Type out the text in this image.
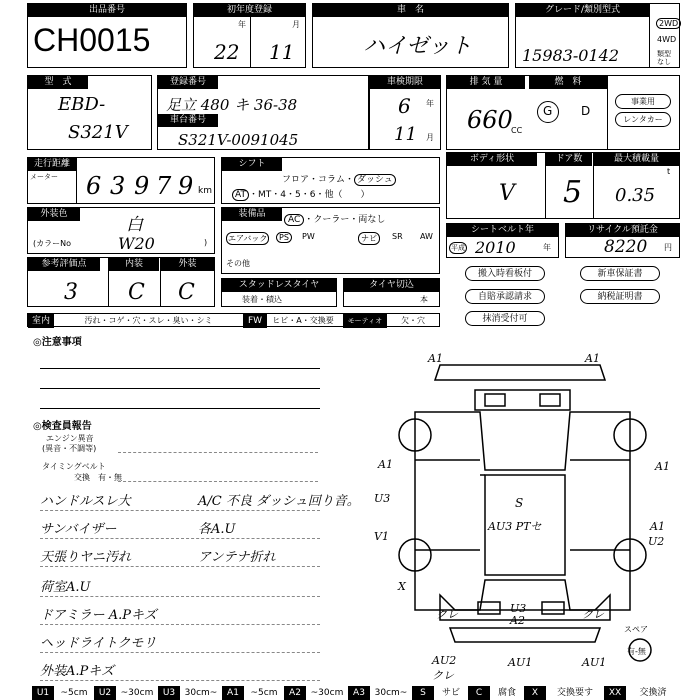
出品番号
CH0015
初年度登録
年	月
22 11
車　名
ハイゼット
グレード/類別型式
15983-0142
2WD
4WD
類型
なし
型　式
EBD-
S321V
登録番号
足立 480 キ 36-38
車台番号
S321V-0091045
車検期限
6 年
11 月
排 気 量
660
CC
燃　料
G D
事業用
レンタカー
走行距離
メーター 6 3 9 7 9 km
シフト
フロア・コラム・ ダッシュ
AT ・MT・4・5・6・他（　　）
ボディ形状
V
ドア数
5
最大積載量
t
0.35
外装色
白
(カラーNo	W20	)
装備品
AC ・クーラー・両なし
エアバック	PS	PW	ナビ	SR AW
その他
シートベルト年
平成 2010	年
リサイクル預託金
8220 円
参考評価点
3
内装
C
外装
C	スタッドレスタイヤ
装着・積込
タイヤ切込
本
搬入時看板付	新車保証書
自賠承認請求	納税証明書
抹消受付可
室内	汚れ・コゲ・穴・スレ・臭い・シミ	FW	ヒビ・A・交換要	モーティオ	欠・穴
◎注意事項
◎検査員報告
エンジン異音
(異音・不調等)
タイミングベルト
交換　有・無
ハンドルスレ大	A/C 不良 ダッシュ回り音。
サンバイザー	各A.U
天張りヤニ汚れ	アンテナ折れ
荷室A.U
ドアミラー A.Pキズ
ヘッドライトクモリ
外装A.Pキズ
A1	A1
A1	A1
U3
V1
A1
U2
S
AU3 PTセ
X
クレ	クレ
U3
A2
AU2
クレ
AU1	AU1
スペア
有-無
U1	~5cm	U2	~30cm	U3	30cm~	A1	~5cm	A2	~30cm	A3	30cm~	S	サビ	C	腐食	X	交換要す	XX	交換済
